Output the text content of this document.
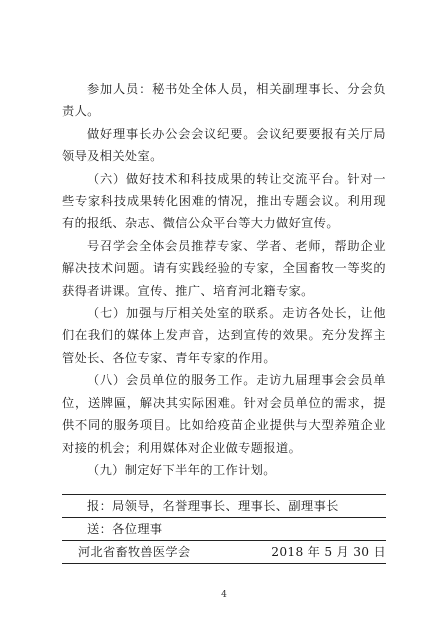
参加人员：秘书处全体人员，相关副理事长、分会负责人。

做好理事长办公会会议纪要。会议纪要要报有关厅局领导及相关处室。

（六）做好技术和科技成果的转让交流平台。针对一些专家科技成果转化困难的情况，推出专题会议。利用现有的报纸、杂志、微信公众平台等大力做好宣传。

号召学会全体会员推荐专家、学者、老师，帮助企业解决技术问题。请有实践经验的专家，全国畜牧一等奖的获得者讲课。宣传、推广、培育河北籍专家。

（七）加强与厅相关处室的联系。走访各处长，让他们在我们的媒体上发声音，达到宣传的效果。充分发挥主管处长、各位专家、青年专家的作用。

（八）会员单位的服务工作。走访九届理事会会员单位，送牌匾，解决其实际困难。针对会员单位的需求，提供不同的服务项目。比如给疫苗企业提供与大型养殖企业对接的机会；利用媒体对企业做专题报道。

（九）制定好下半年的工作计划。

报：局领导，名誉理事长、理事长、副理事长
送：各位理事
河北省畜牧兽医学会	2018 年 5 月 30 日
4
